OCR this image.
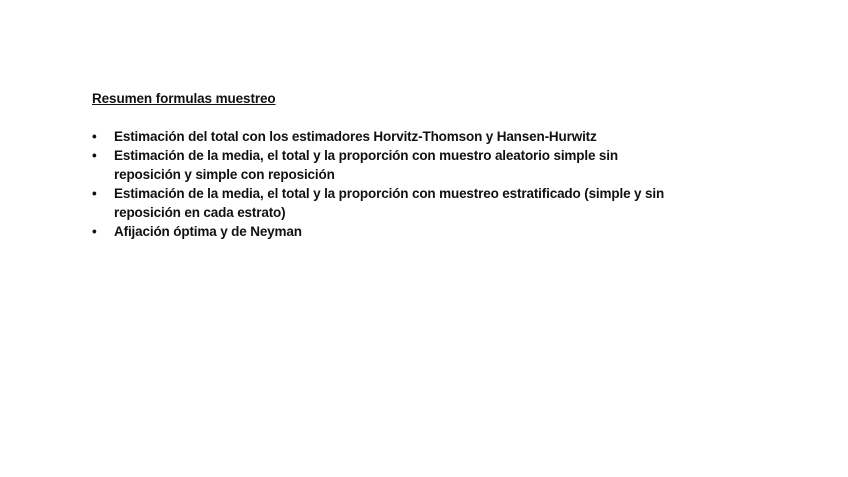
Resumen formulas muestreo
•	Estimación del total con los estimadores Horvitz-Thomson y Hansen-Hurwitz
•	Estimación de la media, el total y la proporción con muestro aleatorio simple sin reposición y simple con reposición
•	Estimación de la media, el total y la proporción con muestreo estratificado (simple y sin reposición en cada estrato)
•	Afijación óptima y de Neyman
